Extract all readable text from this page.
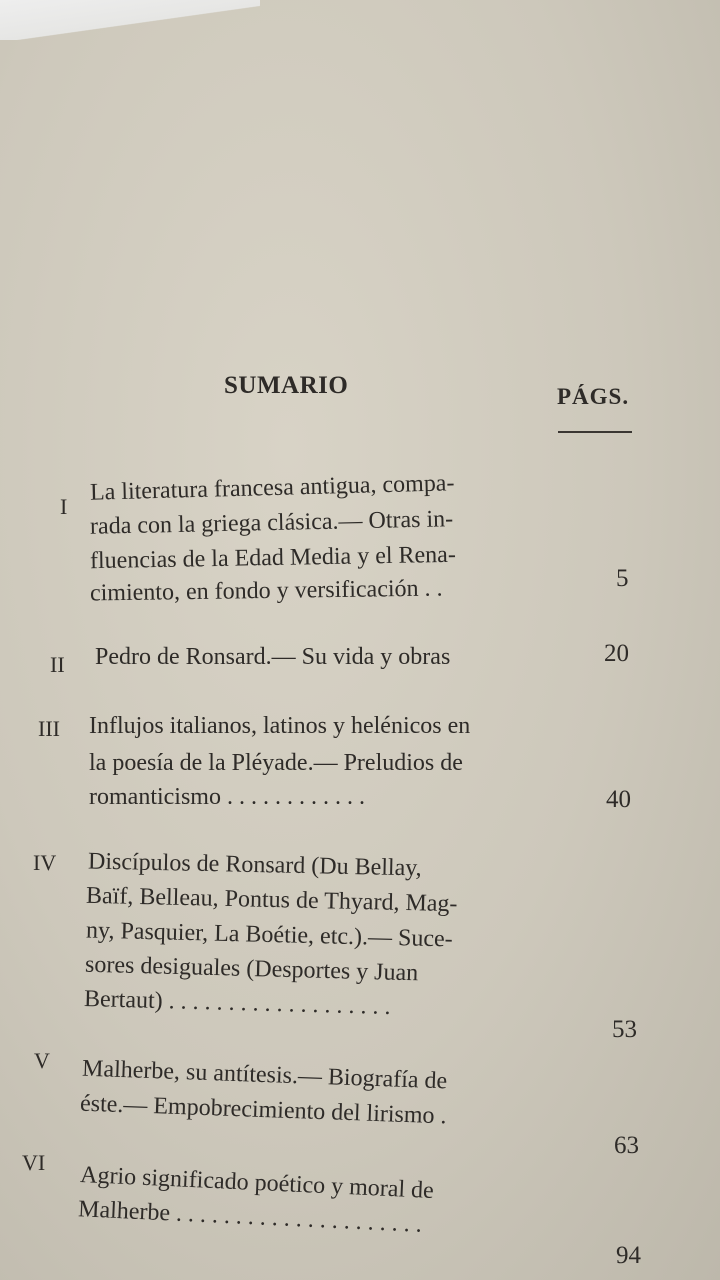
SUMARIO	PÁGS.
I
La literatura francesa antigua, compa-
rada con la griega clásica.— Otras in-
fluencias de la Edad Media y el Rena-
cimiento, en fondo y versificación . .	5
II Pedro de Ronsard.— Su vida y obras	20
III Influjos italianos, latinos y helénicos en
la poesía de la Pléyade.— Preludios de
romanticismo . . . . . . . . . . . .	40
IV Discípulos de Ronsard (Du Bellay,
Baïf, Belleau, Pontus de Thyard, Mag-
ny, Pasquier, La Boétie, etc.).— Suce-
sores desiguales (Desportes y Juan
Bertaut) . . . . . . . . . . . . . . . . . . .
53
V Malherbe, su antítesis.— Biografía de
éste.— Empobrecimiento del lirismo .
63
VI Agrio significado poético y moral de
Malherbe . . . . . . . . . . . . . . . . . . . . .
94
